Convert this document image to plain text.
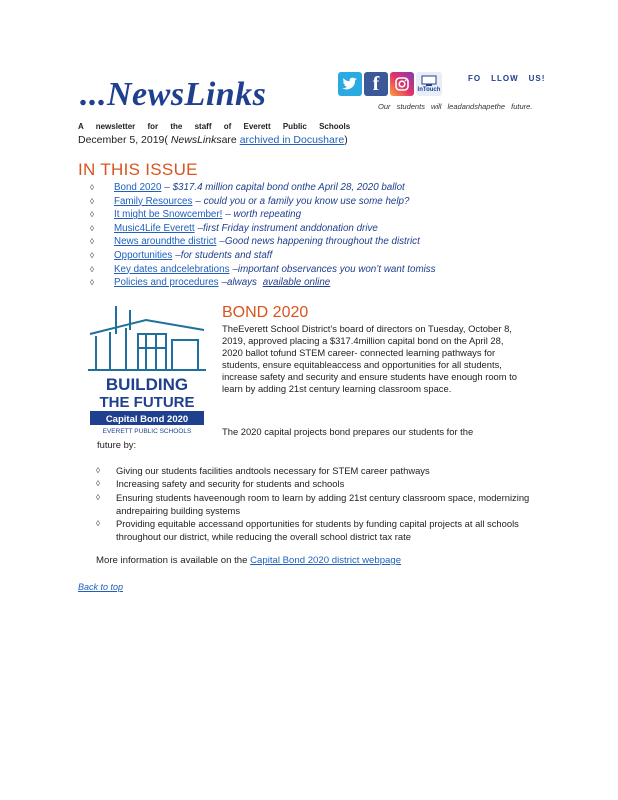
...NewsLinks	f	InTouch
FO LLOW US!
Our students will leadandshapethe future.
A newsletter for the staff of Everett Public Schools
December 5, 2019( NewsLinksare archived in Docushare)
IN THIS ISSUE
◊	Bond 2020 – $317.4 million capital bond onthe April 28, 2020 ballot
◊	Family Resources – could you or a family you know use some help?
◊	It might be Snowcember! – worth repeating
◊	Music4Life Everett –first Friday instrument anddonation drive
◊	News aroundthe district –Good news happening throughout the district
◊	Opportunities –for students and staff
◊	Key dates andcelebrations –important observances you won’t want tomiss
◊	Policies and procedures –always
available online
BUILDING
THE FUTURE
Capital Bond 2020
EVERETT PUBLIC SCHOOLS
BOND 2020
TheEverett School District’s board of directors on Tuesday, October 8, 2019, approved placing a $317.4million capital bond on the April 28, 2020 ballot tofund STEM career- connected learning pathways for students, ensure equitableaccess and opportunities for all students, increase safety and security and ensure students have enough room to learn by adding 21st century learning classroom space.
The 2020 capital projects bond prepares our students for the
future by:
◊	Giving our students facilities andtools necessary for STEM career pathways
◊	Increasing safety and security for students and schools
◊	Ensuring students haveenough room to learn by adding 21st century classroom space, modernizing andrepairing building systems
◊	Providing equitable accessand opportunities for students by funding capital projects at all schools throughout our district, while reducing the overall school district tax rate
More information is available on the Capital Bond 2020 district webpage
Back to top
